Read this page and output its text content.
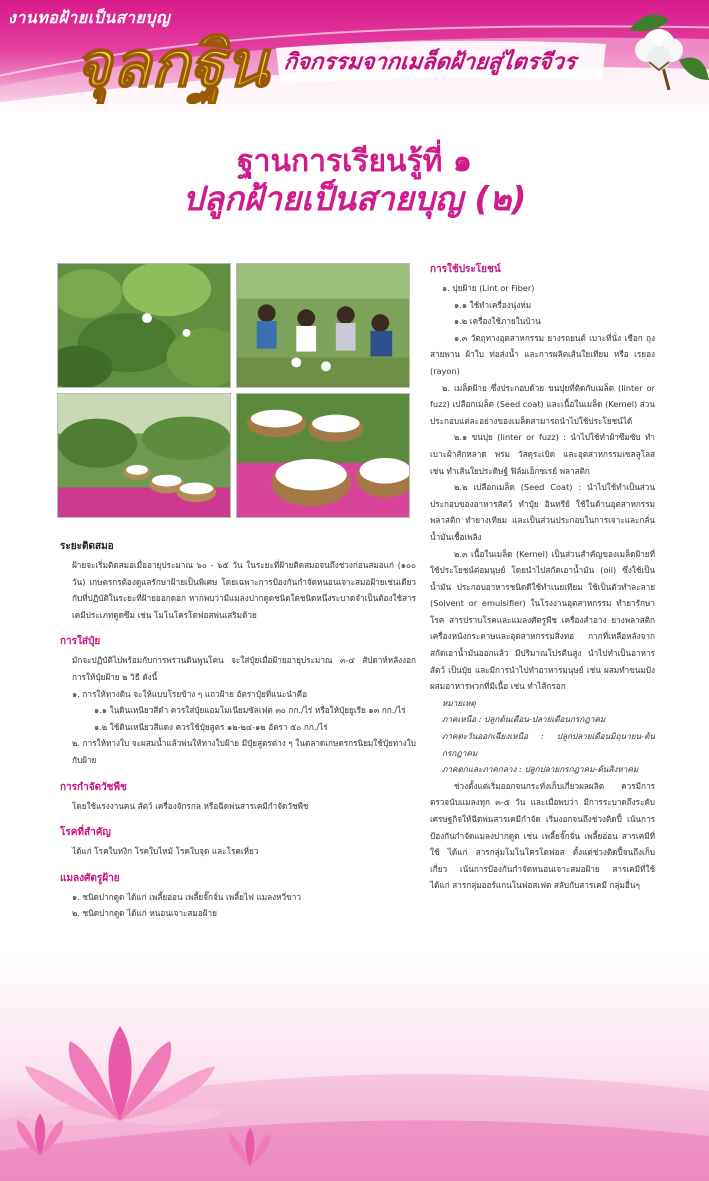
งานทอฝ้ายเป็นสายบุญ
จุลกฐิน กิจกรรมจากเมล็ดฝ้ายสู่ไตรจีวร
ฐานการเรียนรู้ที่ ๑
ปลูกฝ้ายเป็นสายบุญ (๒)
ระยะติดสมอ
ฝ้ายจะเริ่มติดสมอเมื่ออายุประมาณ ๖๐ - ๖๕ วัน ในระยะที่ฝ้ายติดสมอจนถึงช่วงก่อนสมอแก่ (๑๐๐ วัน) เกษตรกรต้องดูแลรักษาฝ้ายเป็นพิเศษ โดยเฉพาะการป้องกันกำจัดหนอนเจาะสมอฝ้ายเช่นเดียวกับที่ปฏิบัติในระยะที่ฝ้ายออกดอก หากพบว่ามีแมลงปากดูดชนิดใดชนิดหนึ่งระบาดจำเป็นต้องใช้สารเคมีประเภทดูดซึม เช่น โมโนโครโตฟอสพ่นเสริมด้วย
การใส่ปุ๋ย
มักจะปฏิบัติไปพร้อมกับการพรวนดินพูนโคน จะใส่ปุ๋ยเมื่อฝ้ายอายุประมาณ ๓-๔ สัปดาห์หลังงอก การให้ปุ๋ยฝ้าย ๒ วิธี ดังนี้
๑. การให้ทางดิน จะให้แบบโรยข้าง ๆ แถวฝ้าย อัตราปุ๋ยที่แนะนำคือ
๑.๑ ในดินเหนียวสีดำ ควรใส่ปุ๋ยแอมโมเนียมซัลเฟต ๓๐ กก./ไร่ หรือให้ปุ๋ยยูเรีย ๑๓ กก./ไร่
๑.๒ ใช้ดินเหนียวสีแดง ควรใช้ปุ๋ยสูตร ๑๒-๒๔-๑๒ อัตรา ๕๐ กก./ไร่
๒. การให้ทางใบ จะผสมน้ำแล้วพ่นให้ทางใบฝ้าย มีปุ๋ยสูตรต่าง ๆ ในตลาดเกษตรกรนิยมใช้ปุ๋ยทางใบกับฝ้าย
การกำจัดวัชพืช
โดยใช้แรงงานคน สัตว์ เครื่องจักรกล หรือฉีดพ่นสารเคมีกำจัดวัชพืช
โรคที่สำคัญ
ได้แก่ โรคใบหงิก โรคใบไหม้ โรคใบจุด และโรคเหี่ยว
แมลงศัตรูฝ้าย
๑. ชนิดปากดูด ได้แก่ เพลี้ยอ่อน เพลี้ยจั๊กจั่น เพลี้ยไฟ แมลงหวี่ขาว
๒. ชนิดปากดูด ได้แก่ หนอนเจาะสมอฝ้าย
การใช้ประโยชน์
๑. ปุยฝ้าย (Lint or Fiber)
๑.๑ ใช้ทำเครื่องนุ่งห่ม
๑.๒ เครื่องใช้ภายในบ้าน
๑.๓ วัตถุทางอุตสาหกรรม ยางรถยนต์ เบาะที่นั่ง เชือก ถุง สายพาน ผ้าใบ ท่อส่งน้ำ และการผลิตเส้นใยเทียม หรือ เรยอง (rayon)
๒. เมล็ดฝ้าย ซึ่งประกอบด้วย ขนปุยที่ติดกับเมล็ด (linter or fuzz) เปลือกเมล็ด (Seed coat) และเนื้อในเมล็ด (Kernel) ส่วนประกอบแต่ละอย่างของเมล็ดสามารถนำไปใช้ประโยชน์ได้
๒.๑ ขนปุย (linter or fuzz) : นำไปใช้ทำผ้าซึมซับ ทำเบาะผ้าสักหลาด พรม วัสดุระเบิด และอุตสาหกรรมเซลลูโลส เช่น ทำเส้นใยประดิษฐ์ ฟิล์มเอ็กซเรย์ พลาสติก
๒.๒ เปลือกเมล็ด (Seed Coat) : นำไปใช้ทำเป็นส่วนประกอบของอาหารสัตว์ ทำปุ๋ย อินทรีย์ ใช้ในด้านอุตสาหกรรมพลาสติก ทำยางเทียม และเป็นส่วนประกอบในการเจาะและกลั่นน้ำมันเชื้อเพลิง
๒.๓ เนื้อในเมล็ด (Kernel) เป็นส่วนสำคัญของเมล็ดฝ้ายที่ใช้ประโยชน์ต่อมนุษย์ โดยนำไปสกัดเอาน้ำมัน (oil) ซึ่งใช้เป็นน้ำมัน ประกอบอาหารชนิดดีใช้ทำเนยเทียม ใช้เป็นตัวทำละลาย (Solvent or emulsifier) ในโรงงานอุตสาหกรรม ทำยารักษาโรค สารปราบโรคและแมลงศัตรูพืช เครื่องสำอาง ยางพลาสติก เครื่องหนังกระดาษและอุตสาหกรรมสิ่งทอ กากที่เหลือหลังจากสกัดเอาน้ำมันออกแล้ว มีปริมาณโปรตีนสูง นำไปทำเป็นอาหารสัตว์ เป็นปุ๋ย และมีการนำไปทำอาหารมนุษย์ เช่น ผสมทำขนมปัง ผสมอาหารพวกที่มีเนื้อ เช่น ทำไส้กรอก
หมายเหตุ
ภาคเหนือ : ปลูกต้นเดือน-ปลายเดือนกรกฎาคม
ภาคตะวันออกเฉียงเหนือ : ปลูกปลายเดือนมิถุนายน-ต้นกรกฎาคม
ภาคตกและภาคกลาง : ปลูกปลายกรกฎาคม-ต้นสิงหาคม
ช่วงตั้งแต่เริ่มออกจนกระทั่งเก็บเกี่ยวผลผลิต ควรมีการตรวจนับแมลงทุก ๓-๕ วัน และเมื่อพบว่า มีการระบาดถึงระดับเศรษฐกิจให้ฉีดพ่นสารเคมีกำจัด เริ่มงอกจนถึงช่วงติดปี้ เน้นการป้องกันกำจัดแมลงปากดูด เช่น เพลี้ยจั๊กจั่น เพลี้ยอ่อน สารเคมีที่ใช้ ได้แก่ สารกลุ่มโมโนโครโตฟอส ตั้งแต่ช่วงติดปี้จนถึงเก็บเกี่ยว เน้นการป้องกันกำจัดหนอนเจาะสมอฝ้าย สารเคมีที่ใช้ ได้แก่ สารกลุ่มออร์แกนโนฟอสเฟต สลับกับสารเคมี กลุ่มอื่นๆ
